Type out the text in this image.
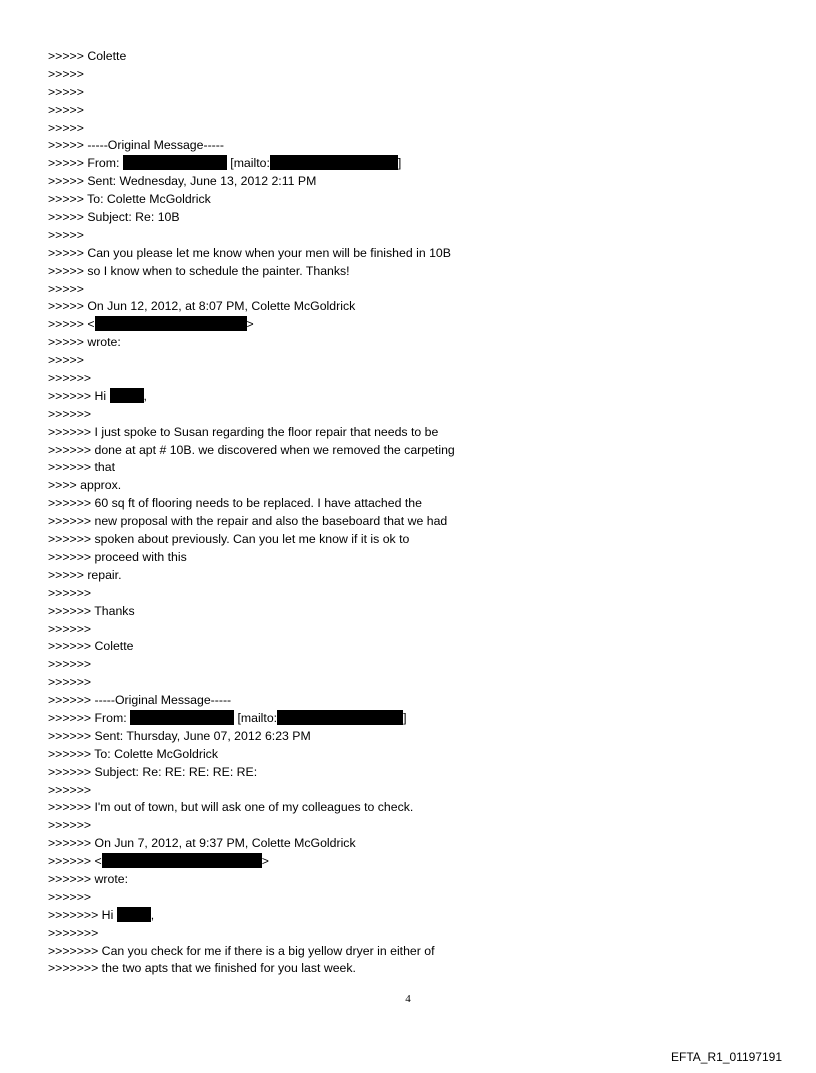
>>>>> Colette
>>>>>
>>>>>
>>>>>
>>>>>
>>>>> -----Original Message-----
>>>>> From:	[mailto:	]
>>>>> Sent: Wednesday, June 13, 2012 2:11 PM
>>>>> To: Colette McGoldrick
>>>>> Subject: Re: 10B
>>>>>
>>>>> Can you please let me know when your men will be finished in 10B
>>>>> so I know when to schedule the painter. Thanks!
>>>>>
>>>>> On Jun 12, 2012, at 8:07 PM, Colette McGoldrick
>>>>> <	>
>>>>> wrote:
>>>>>
>>>>>>
>>>>>> Hi	,
>>>>>>
>>>>>> I just spoke to Susan regarding the floor repair that needs to be
>>>>>> done at apt # 10B. we discovered when we removed the carpeting
>>>>>> that
>>>> approx.
>>>>>> 60 sq ft of flooring needs to be replaced. I have attached the
>>>>>> new proposal with the repair and also the baseboard that we had
>>>>>> spoken about previously. Can you let me know if it is ok to
>>>>>> proceed with this
>>>>> repair.
>>>>>>
>>>>>> Thanks
>>>>>>
>>>>>> Colette
>>>>>>
>>>>>>
>>>>>> -----Original Message-----
>>>>>> From:	[mailto:	]
>>>>>> Sent: Thursday, June 07, 2012 6:23 PM
>>>>>> To: Colette McGoldrick
>>>>>> Subject: Re: RE: RE: RE: RE:
>>>>>>
>>>>>> I'm out of town, but will ask one of my colleagues to check.
>>>>>>
>>>>>> On Jun 7, 2012, at 9:37 PM, Colette McGoldrick
>>>>>> <	>
>>>>>> wrote:
>>>>>>
>>>>>>> Hi	,
>>>>>>>
>>>>>>> Can you check for me if there is a big yellow dryer in either of
>>>>>>> the two apts that we finished for you last week.
4
EFTA_R1_01197191
